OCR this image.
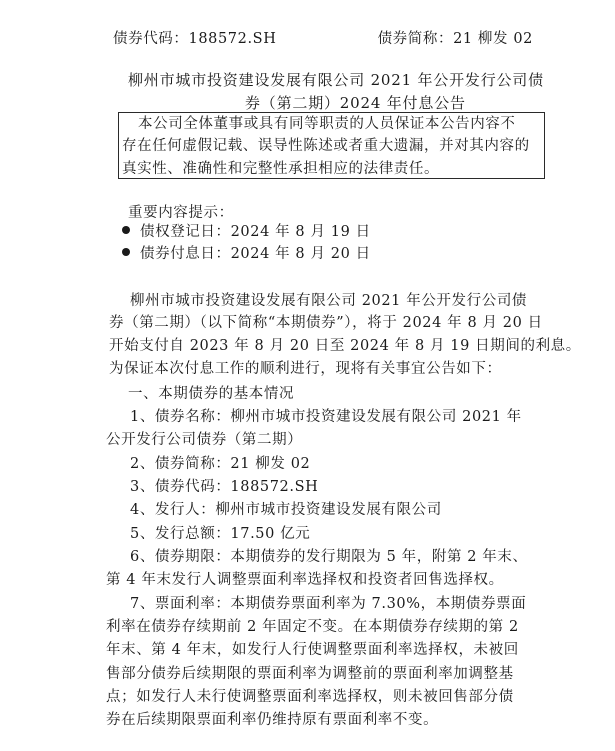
债券代码：188572.SH	债券简称：21 柳发 02
柳州市城市投资建设发展有限公司 2021 年公开发行公司债
券（第二期）2024 年付息公告
本公司全体董事或具有同等职责的人员保证本公告内容不
存在任何虚假记载、误导性陈述或者重大遗漏，并对其内容的
真实性、准确性和完整性承担相应的法律责任。
重要内容提示：
债权登记日：2024 年 8 月 19 日
债券付息日：2024 年 8 月 20 日
柳州市城市投资建设发展有限公司 2021 年公开发行公司债
券（第二期）（以下简称“本期债券”），将于 2024 年 8 月 20 日
开始支付自 2023 年 8 月 20 日至 2024 年 8 月 19 日期间的利息。
为保证本次付息工作的顺利进行，现将有关事宜公告如下：
一、本期债券的基本情况
1、债券名称：柳州市城市投资建设发展有限公司 2021 年
公开发行公司债券（第二期）
2、债券简称：21 柳发 02
3、债券代码：188572.SH
4、发行人：柳州市城市投资建设发展有限公司
5、发行总额：17.50 亿元
6、债券期限：本期债券的发行期限为 5 年，附第 2 年末、
第 4 年末发行人调整票面利率选择权和投资者回售选择权。
7、票面利率：本期债券票面利率为 7.30%，本期债券票面
利率在债券存续期前 2 年固定不变。在本期债券存续期的第 2
年末、第 4 年末，如发行人行使调整票面利率选择权，未被回
售部分债券后续期限的票面利率为调整前的票面利率加调整基
点；如发行人未行使调整票面利率选择权，则未被回售部分债
券在后续期限票面利率仍维持原有票面利率不变。
